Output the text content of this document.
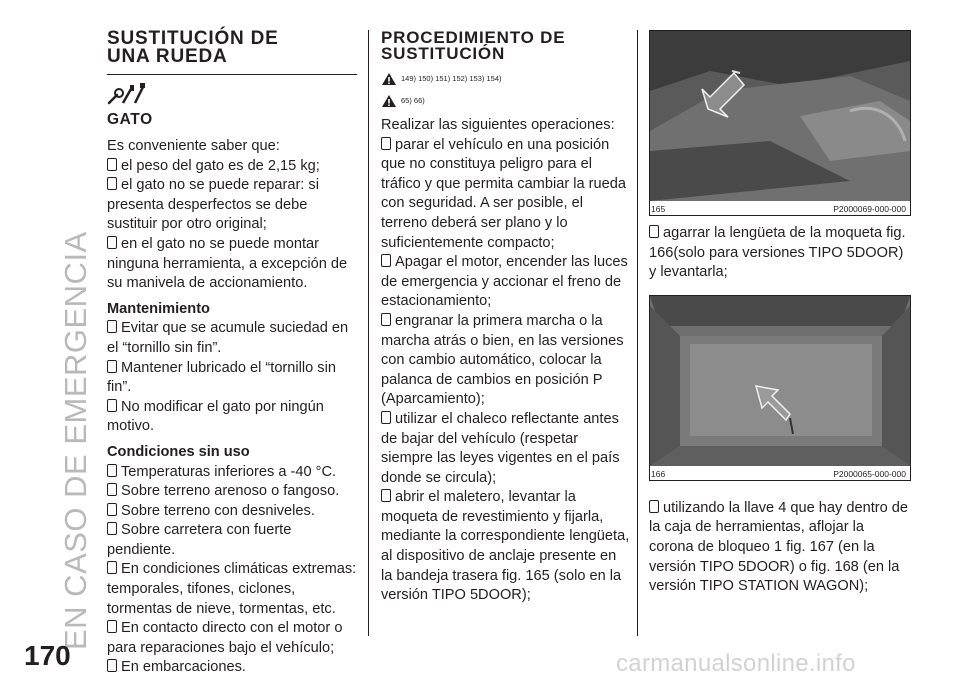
EN CASO DE EMERGENCIA
170	carmanualsonline.info
SUSTITUCIÓN DE
UNA RUEDA
GATO

Es conveniente saber que:

el peso del gato es de 2,15 kg;

el gato no se puede reparar: si presenta desperfectos se debe sustituir por otro original;

en el gato no se puede montar ninguna herramienta, a excepción de su manivela de accionamiento.

Mantenimiento

Evitar que se acumule suciedad en el “tornillo sin fin”.

Mantener lubricado el “tornillo sin fin”.

No modificar el gato por ningún motivo.

Condiciones sin uso

Temperaturas inferiores a -40 °C.

Sobre terreno arenoso o fangoso.

Sobre terreno con desniveles.

Sobre carretera con fuerte pendiente.

En condiciones climáticas extremas: temporales, tifones, ciclones, tormentas de nieve, tormentas, etc.

En contacto directo con el motor o para reparaciones bajo el vehículo;

En embarcaciones.

PROCEDIMIENTO DE
SUSTITUCIÓN
149) 150) 151) 152) 153) 154)
65) 66)

Realizar las siguientes operaciones:

parar el vehículo en una posición que no constituya peligro para el tráfico y que permita cambiar la rueda con seguridad. A ser posible, el terreno deberá ser plano y lo suficientemente compacto;

Apagar el motor, encender las luces de emergencia y accionar el freno de estacionamiento;

engranar la primera marcha o la marcha atrás o bien, en las versiones con cambio automático, colocar la palanca de cambios en posición P (Aparcamiento);

utilizar el chaleco reflectante antes de bajar del vehículo (respetar siempre las leyes vigentes en el país donde se circula);

abrir el maletero, levantar la moqueta de revestimiento y fijarla, mediante la correspondiente lengüeta, al dispositivo de anclaje presente en la bandeja trasera fig. 165 (solo en la versión TIPO 5DOOR);

165	P2000069-000-000

agarrar la lengüeta de la moqueta fig. 166(solo para versiones TIPO 5DOOR) y levantarla;

166	P2000065-000-000

utilizando la llave 4 que hay dentro de la caja de herramientas, aflojar la corona de bloqueo 1 fig. 167 (en la versión TIPO 5DOOR) o fig. 168 (en la versión TIPO STATION WAGON);
